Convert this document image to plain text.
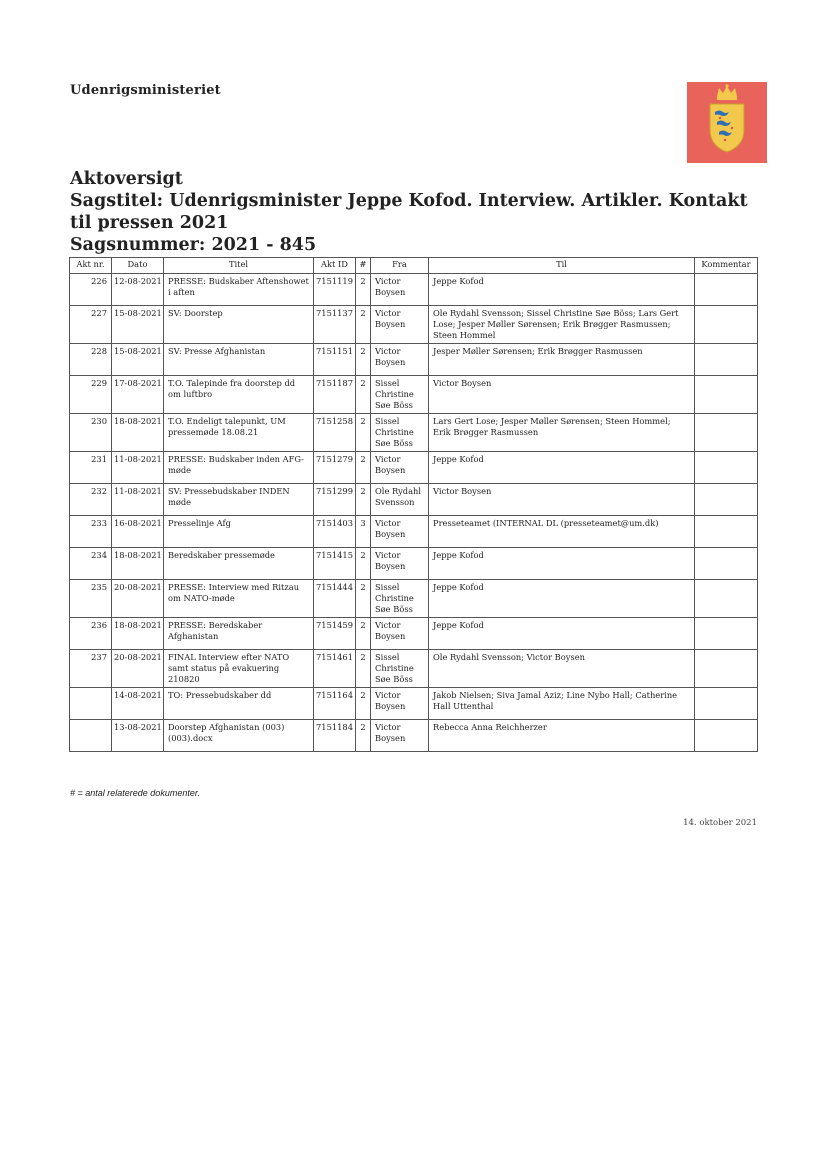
Udenrigsministeriet
Aktoversigt
Sagstitel: Udenrigsminister Jeppe Kofod. Interview. Artikler. Kontakt til pressen 2021
Sagsnummer: 2021 - 845
Akt nr.	Dato	Titel	Akt ID	#	Fra	Til	Kommentar
226	12-08-2021	PRESSE: Budskaber Aftenshowet i aften	7151119	2	Victor Boysen	Jeppe Kofod	
227	15-08-2021	SV: Doorstep	7151137	2	Victor Boysen	Ole Rydahl Svensson; Sissel Christine Søe Böss; Lars Gert Lose; Jesper Møller Sørensen; Erik Brøgger Rasmussen; Steen Hommel	
228	15-08-2021	SV: Presse Afghanistan	7151151	2	Victor Boysen	Jesper Møller Sørensen; Erik Brøgger Rasmussen	
229	17-08-2021	T.O. Talepinde fra doorstep dd om luftbro	7151187	2	Sissel Christine Søe Böss	Victor Boysen	
230	18-08-2021	T.O. Endeligt talepunkt, UM pressemøde 18.08.21	7151258	2	Sissel Christine Søe Böss	Lars Gert Lose; Jesper Møller Sørensen; Steen Hommel; Erik Brøgger Rasmussen	
231	11-08-2021	PRESSE: Budskaber inden AFG-møde	7151279	2	Victor Boysen	Jeppe Kofod	
232	11-08-2021	SV: Pressebudskaber INDEN møde	7151299	2	Ole Rydahl Svensson	Victor Boysen	
233	16-08-2021	Presselinje Afg	7151403	3	Victor Boysen	Presseteamet (INTERNAL DL (presseteamet@um.dk)	
234	18-08-2021	Beredskaber pressemøde	7151415	2	Victor Boysen	Jeppe Kofod	
235	20-08-2021	PRESSE: Interview med Ritzau om NATO-møde	7151444	2	Sissel Christine Søe Böss	Jeppe Kofod	
236	18-08-2021	PRESSE: Beredskaber Afghanistan	7151459	2	Victor Boysen	Jeppe Kofod	
237	20-08-2021	FINAL Interview efter NATO samt status på evakuering 210820	7151461	2	Sissel Christine Søe Böss	Ole Rydahl Svensson; Victor Boysen	
	14-08-2021	TO: Pressebudskaber dd	7151164	2	Victor Boysen	Jakob Nielsen; Siva Jamal Aziz; Line Nybo Hall; Catherine Hall Uttenthal	
	13-08-2021	Doorstep Afghanistan (003) (003).docx	7151184	2	Victor Boysen	Rebecca Anna Reichherzer	
# = antal relaterede dokumenter.
14. oktober 2021
